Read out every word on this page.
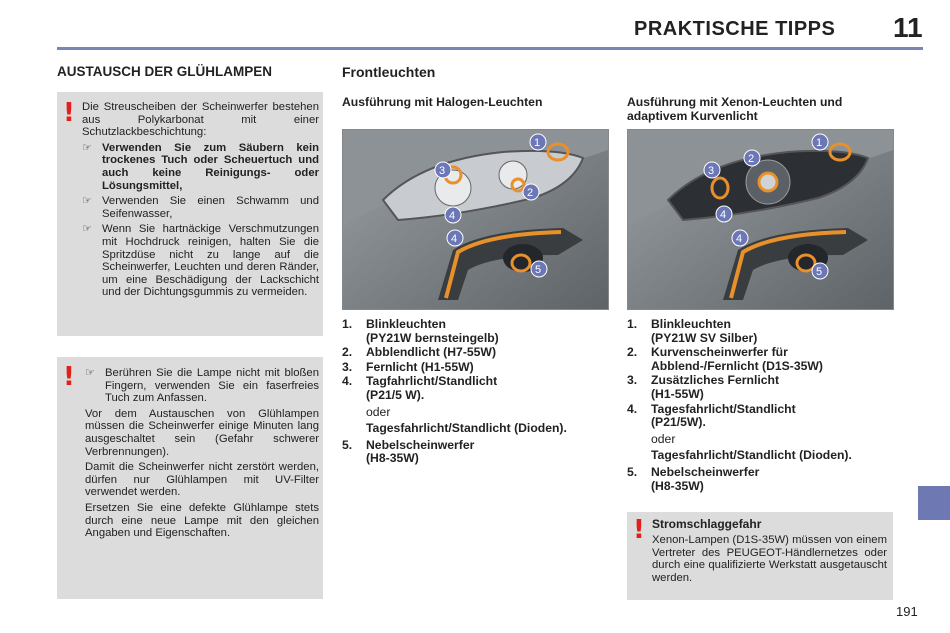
PRAKTISCHE TIPPS 11
AUSTAUSCH DER GLÜHLAMPEN	Frontleuchten
! Die Streuscheiben der Scheinwerfer bestehen aus Polykarbonat mit einer Schutzlackbeschichtung:
☞ Verwenden Sie zum Säubern kein trockenes Tuch oder Scheuertuch und auch keine Reinigungs- oder Lösungsmittel,
☞ Verwenden Sie einen Schwamm und Seifenwasser,
☞ Wenn Sie hartnäckige Verschmutzungen mit Hochdruck reinigen, halten Sie die Spritzdüse nicht zu lange auf die Scheinwerfer, Leuchten und deren Ränder, um eine Beschädigung der Lackschicht und der Dichtungsgummis zu vermeiden.
! ☞ Berühren Sie die Lampe nicht mit bloßen Fingern, verwenden Sie ein faserfreies Tuch zum Anfassen.
Vor dem Austauschen von Glühlampen müssen die Scheinwerfer einige Minuten lang ausgeschaltet sein (Gefahr schwerer Verbrennungen).
Damit die Scheinwerfer nicht zerstört werden, dürfen nur Glühlampen mit UV-Filter verwendet werden.
Ersetzen Sie eine defekte Glühlampe stets durch eine neue Lampe mit den gleichen Angaben und Eigenschaften.
Ausführung mit Halogen-Leuchten
1
2
3
4
4
5
1. Blinkleuchten
(PY21W bernsteingelb)
2. Abblendlicht (H7-55W)
3. Fernlicht (H1-55W)
4. Tagfahrlicht/Standlicht
(P21/5 W).
oder
Tagesfahrlicht/Standlicht (Dioden).
5. Nebelscheinwerfer
(H8-35W)
Ausführung mit Xenon-Leuchten und adaptivem Kurvenlicht
1
2
3
4
4
5
1. Blinkleuchten
(PY21W SV Silber)
2. Kurvenscheinwerfer für
Abblend-/Fernlicht (D1S-35W)
3. Zusätzliches Fernlicht
(H1-55W)
4. Tagesfahrlicht/Standlicht
(P21/5W).
oder
Tagesfahrlicht/Standlicht (Dioden).
5. Nebelscheinwerfer
(H8-35W)
! Stromschlaggefahr
Xenon-Lampen (D1S-35W) müssen von einem Vertreter des PEUGEOT-Händlernetzes oder durch eine qualifizierte Werkstatt ausgetauscht werden.
191
